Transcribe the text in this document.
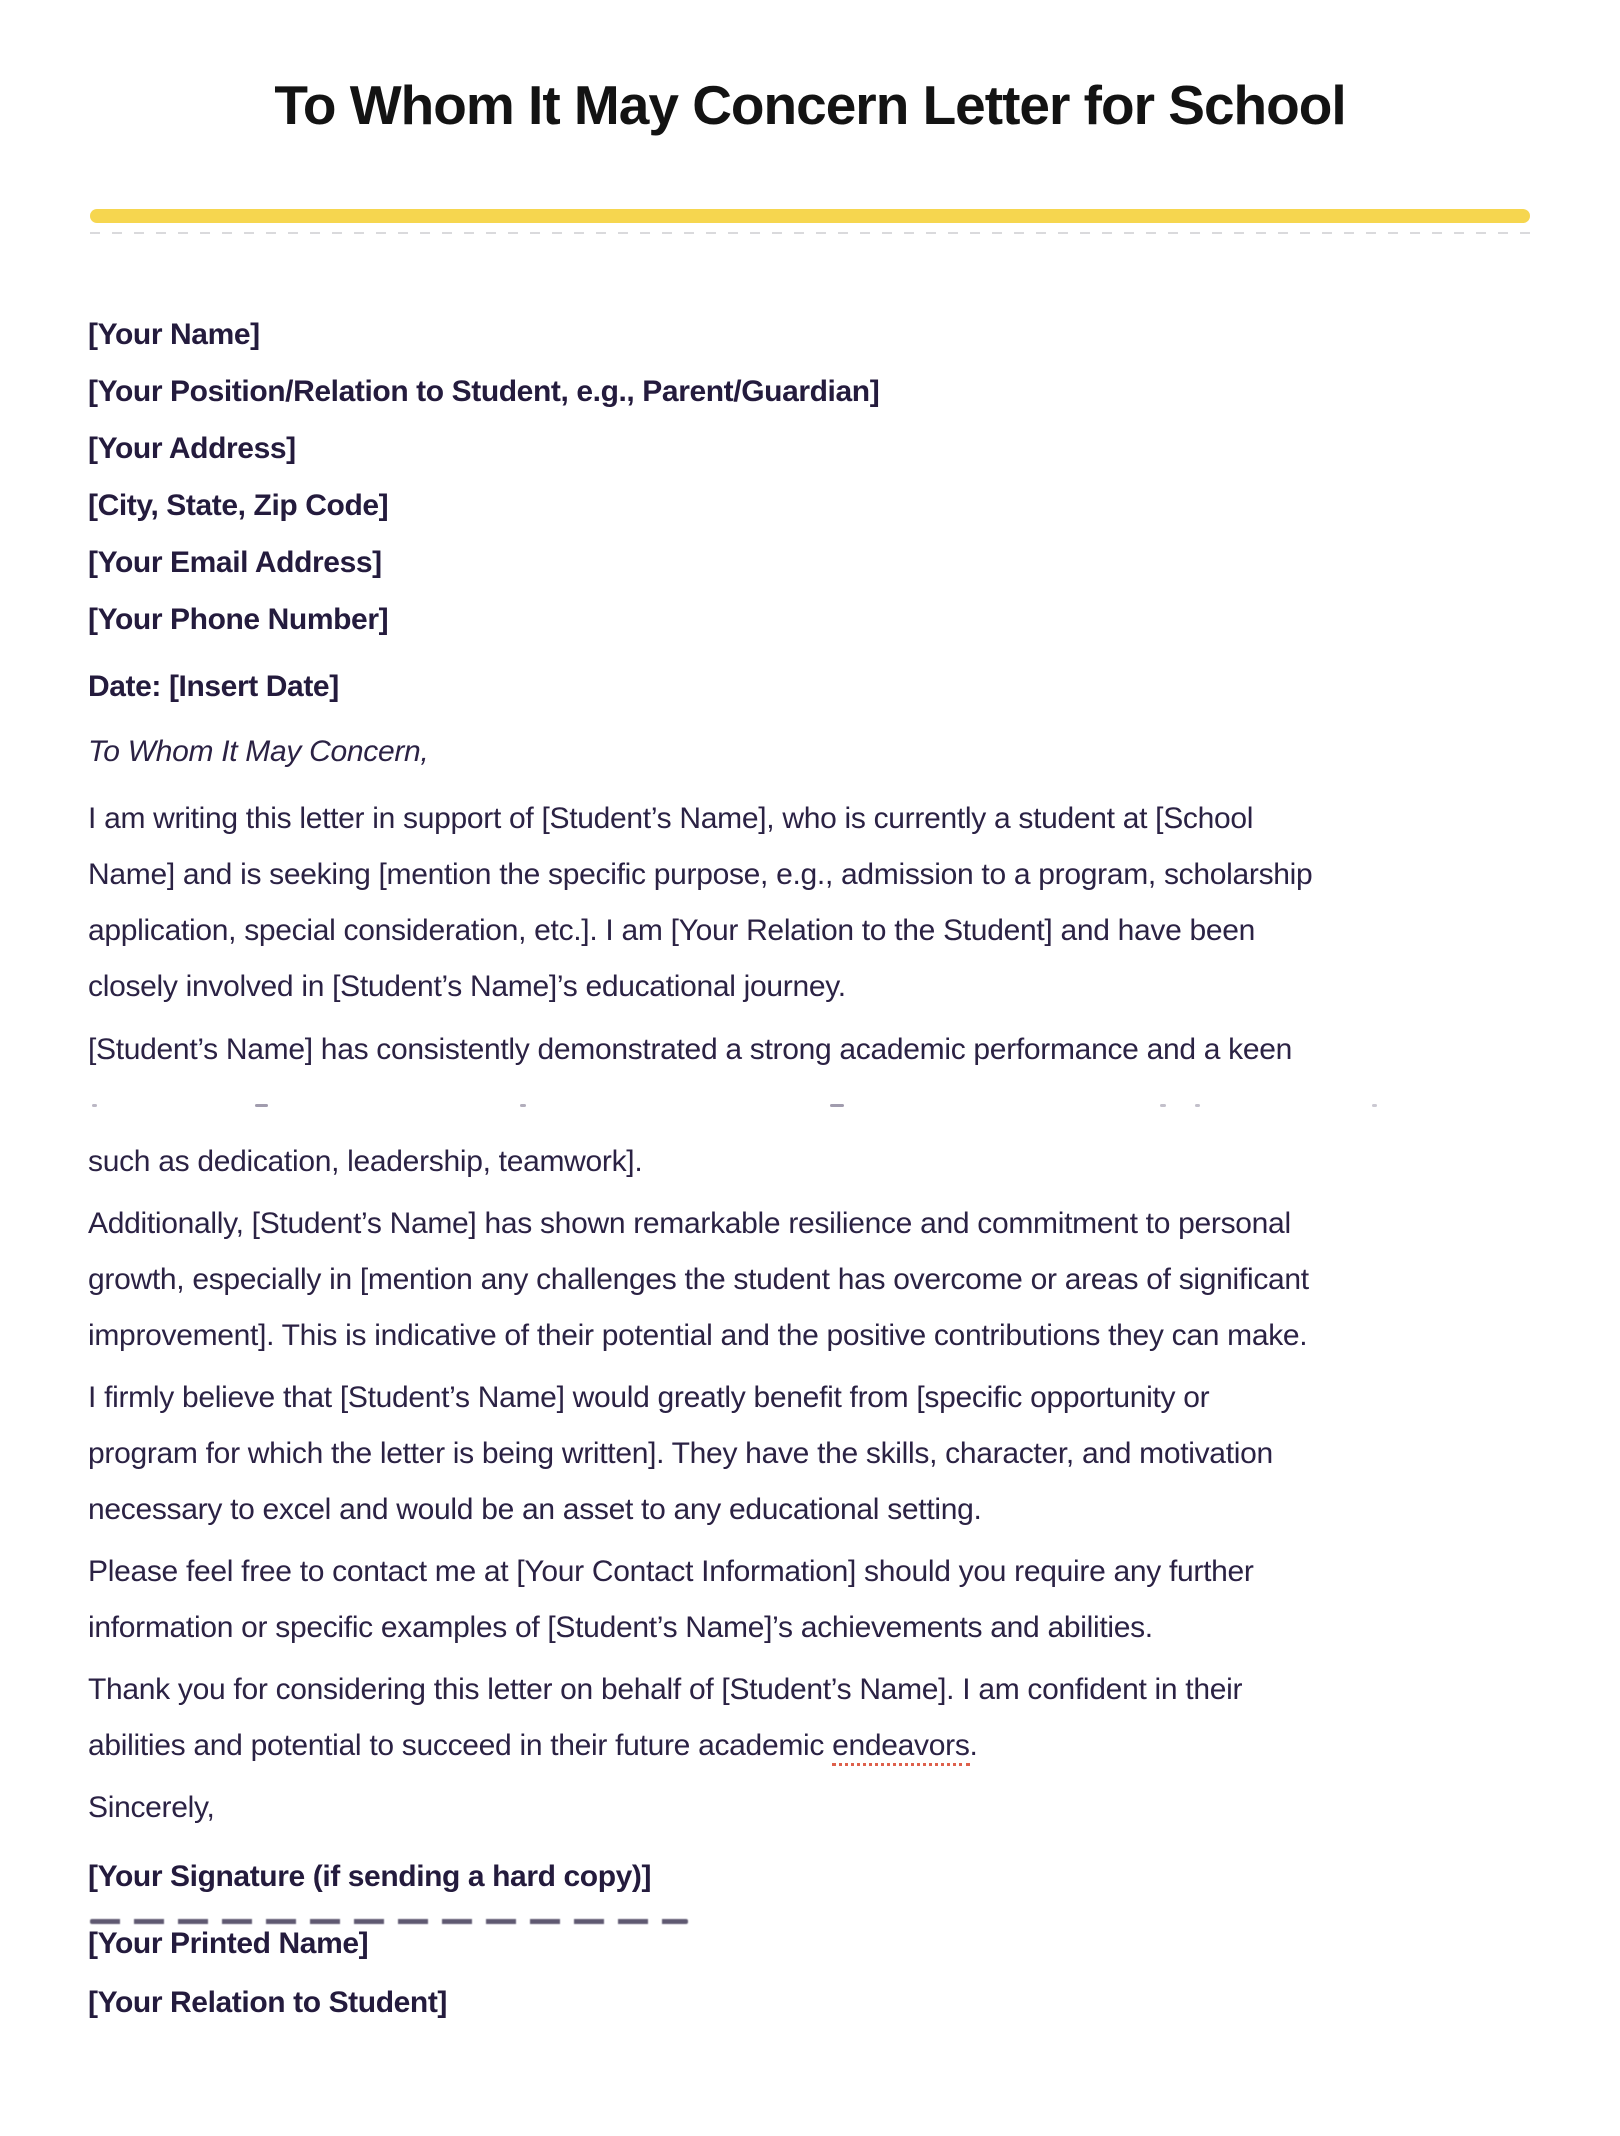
To Whom It May Concern Letter for School

[Your Name]

[Your Position/Relation to Student, e.g., Parent/Guardian]

[Your Address]

[City, State, Zip Code]

[Your Email Address]

[Your Phone Number]

Date: [Insert Date]

To Whom It May Concern,

I am writing this letter in support of [Student’s Name], who is currently a student at [School
Name] and is seeking [mention the specific purpose, e.g., admission to a program, scholarship
application, special consideration, etc.]. I am [Your Relation to the Student] and have been
closely involved in [Student’s Name]’s educational journey.
[Student’s Name] has consistently demonstrated a strong academic performance and a keen
such as dedication, leadership, teamwork].
Additionally, [Student’s Name] has shown remarkable resilience and commitment to personal
growth, especially in [mention any challenges the student has overcome or areas of significant
improvement]. This is indicative of their potential and the positive contributions they can make.
I firmly believe that [Student’s Name] would greatly benefit from [specific opportunity or
program for which the letter is being written]. They have the skills, character, and motivation
necessary to excel and would be an asset to any educational setting.
Please feel free to contact me at [Your Contact Information] should you require any further
information or specific examples of [Student’s Name]’s achievements and abilities.
Thank you for considering this letter on behalf of [Student’s Name]. I am confident in their
abilities and potential to succeed in their future academic endeavors.

Sincerely,

[Your Signature (if sending a hard copy)]

[Your Printed Name]

[Your Relation to Student]
